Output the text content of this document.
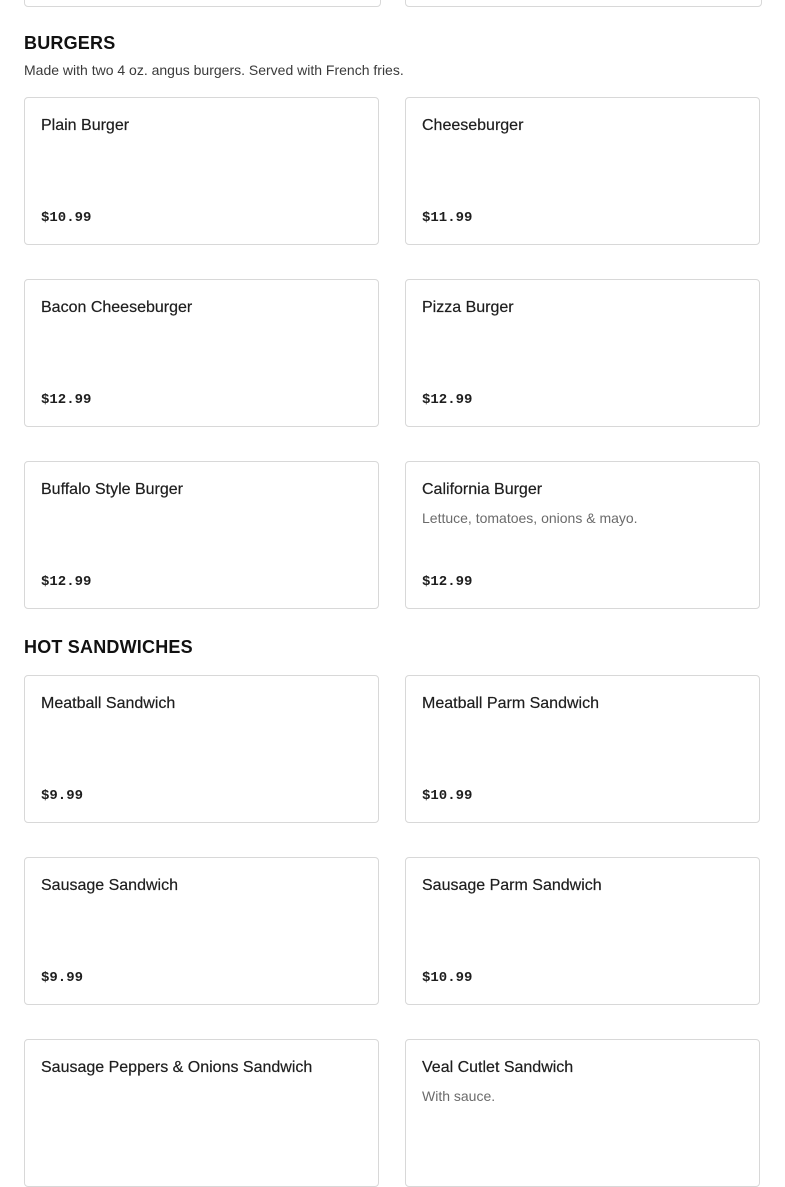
BURGERS

Made with two 4 oz. angus burgers. Served with French fries.

Plain Burger
$10.99
Cheeseburger
$11.99
Bacon Cheeseburger
$12.99
Pizza Burger
$12.99
Buffalo Style Burger
$12.99
California Burger
Lettuce, tomatoes, onions & mayo.
$12.99
HOT SANDWICHES
Meatball Sandwich
$9.99
Meatball Parm Sandwich
$10.99
Sausage Sandwich
$9.99
Sausage Parm Sandwich
$10.99
Sausage Peppers & Onions Sandwich	Veal Cutlet Sandwich
With sauce.
